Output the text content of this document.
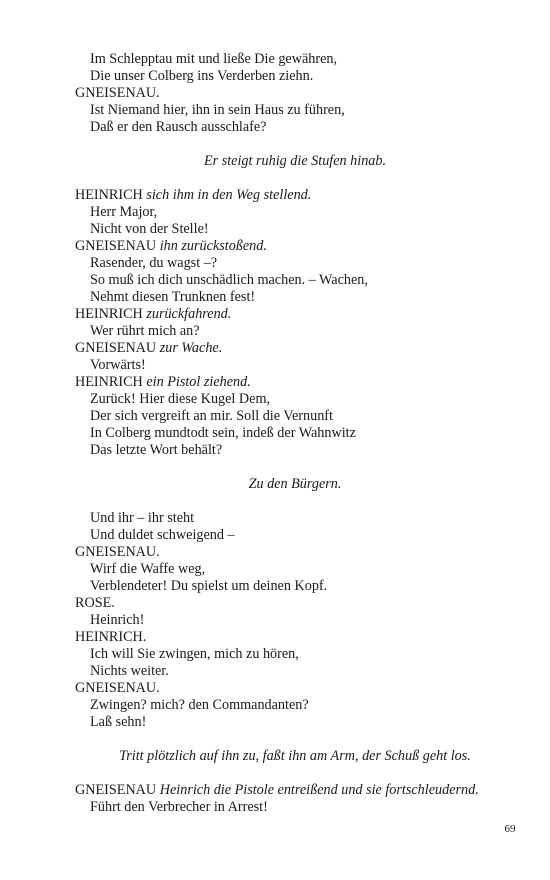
Im Schlepptau mit und ließe Die gewähren,
Die unser Colberg ins Verderben ziehn.
GNEISENAU.
Ist Niemand hier, ihn in sein Haus zu führen,
Daß er den Rausch ausschlafe?
Er steigt ruhig die Stufen hinab.
HEINRICH sich ihm in den Weg stellend.
Herr Major,
Nicht von der Stelle!
GNEISENAU ihn zurückstoßend.
Rasender, du wagst –?
So muß ich dich unschädlich machen. – Wachen,
Nehmt diesen Trunknen fest!
HEINRICH zurückfahrend.
Wer rührt mich an?
GNEISENAU zur Wache.
Vorwärts!
HEINRICH ein Pistol ziehend.
Zurück! Hier diese Kugel Dem,
Der sich vergreift an mir. Soll die Vernunft
In Colberg mundtodt sein, indeß der Wahnwitz
Das letzte Wort behält?
Zu den Bürgern.
Und ihr – ihr steht
Und duldet schweigend –
GNEISENAU.
Wirf die Waffe weg,
Verblendeter! Du spielst um deinen Kopf.
ROSE.
Heinrich!
HEINRICH.
Ich will Sie zwingen, mich zu hören,
Nichts weiter.
GNEISENAU.
Zwingen? mich? den Commandanten?
Laß sehn!
Tritt plötzlich auf ihn zu, faßt ihn am Arm, der Schuß geht los.
GNEISENAU Heinrich die Pistole entreißend und sie fortschleudernd.
Führt den Verbrecher in Arrest!
69
